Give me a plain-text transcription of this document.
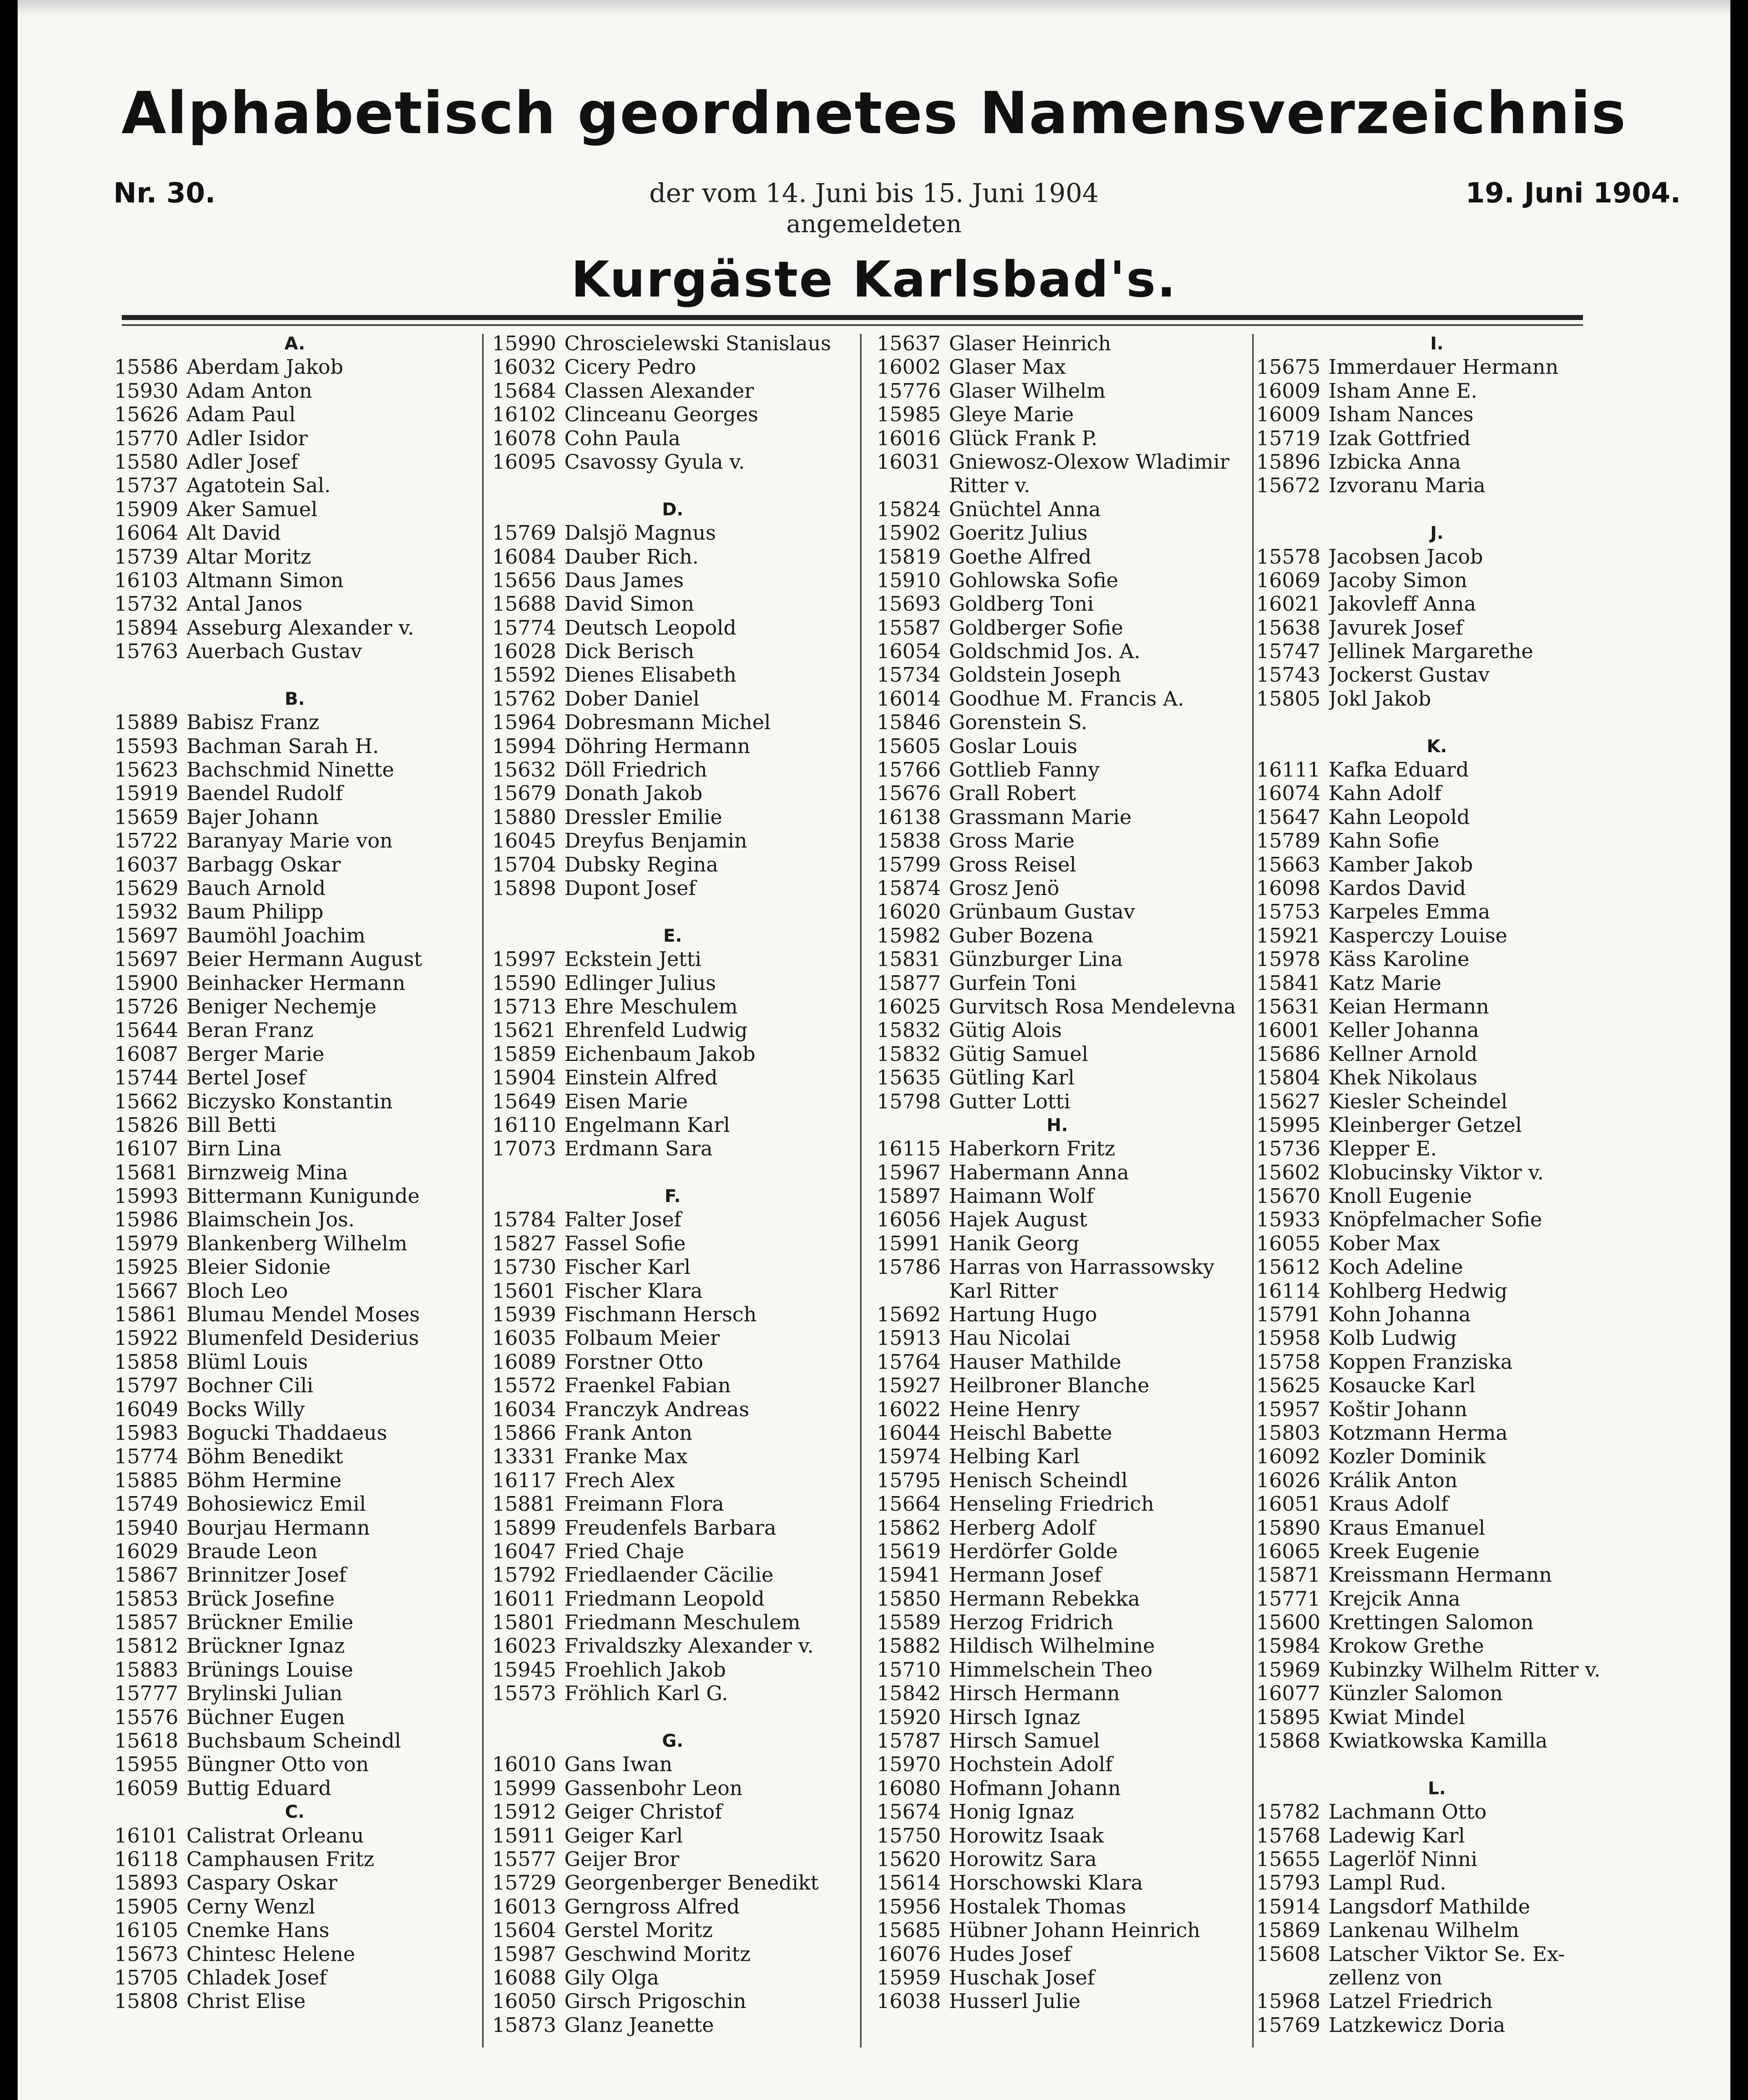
Alphabetisch geordnetes Namensverzeichnis
Nr. 30.	der vom 14. Juni bis 15. Juni 1904
angemeldeten
19. Juni 1904.
Kurgäste Karlsbad's.
A.
15586 Aberdam Jakob
15930 Adam Anton
15626 Adam Paul
15770 Adler Isidor
15580 Adler Josef
15737 Agatotein Sal.
15909 Aker Samuel
16064 Alt David
15739 Altar Moritz
16103 Altmann Simon
15732 Antal Janos
15894 Asseburg Alexander v.
15763 Auerbach Gustav
B.
15889 Babisz Franz
15593 Bachman Sarah H.
15623 Bachschmid Ninette
15919 Baendel Rudolf
15659 Bajer Johann
15722 Baranyay Marie von
16037 Barbagg Oskar
15629 Bauch Arnold
15932 Baum Philipp
15697 Baumöhl Joachim
15697 Beier Hermann August
15900 Beinhacker Hermann
15726 Beniger Nechemje
15644 Beran Franz
16087 Berger Marie
15744 Bertel Josef
15662 Biczysko Konstantin
15826 Bill Betti
16107 Birn Lina
15681 Birnzweig Mina
15993 Bittermann Kunigunde
15986 Blaimschein Jos.
15979 Blankenberg Wilhelm
15925 Bleier Sidonie
15667 Bloch Leo
15861 Blumau Mendel Moses
15922 Blumenfeld Desiderius
15858 Blüml Louis
15797 Bochner Cili
16049 Bocks Willy
15983 Bogucki Thaddaeus
15774 Böhm Benedikt
15885 Böhm Hermine
15749 Bohosiewicz Emil
15940 Bourjau Hermann
16029 Braude Leon
15867 Brinnitzer Josef
15853 Brück Josefine
15857 Brückner Emilie
15812 Brückner Ignaz
15883 Brünings Louise
15777 Brylinski Julian
15576 Büchner Eugen
15618 Buchsbaum Scheindl
15955 Büngner Otto von
16059 Buttig Eduard
C.
16101 Calistrat Orleanu
16118 Camphausen Fritz
15893 Caspary Oskar
15905 Cerny Wenzl
16105 Cnemke Hans
15673 Chintesc Helene
15705 Chladek Josef
15808 Christ Elise
15990 Chroscielewski Stanislaus
16032 Cicery Pedro
15684 Classen Alexander
16102 Clinceanu Georges
16078 Cohn Paula
16095 Csavossy Gyula v.
D.
15769 Dalsjö Magnus
16084 Dauber Rich.
15656 Daus James
15688 David Simon
15774 Deutsch Leopold
16028 Dick Berisch
15592 Dienes Elisabeth
15762 Dober Daniel
15964 Dobresmann Michel
15994 Döhring Hermann
15632 Döll Friedrich
15679 Donath Jakob
15880 Dressler Emilie
16045 Dreyfus Benjamin
15704 Dubsky Regina
15898 Dupont Josef
E.
15997 Eckstein Jetti
15590 Edlinger Julius
15713 Ehre Meschulem
15621 Ehrenfeld Ludwig
15859 Eichenbaum Jakob
15904 Einstein Alfred
15649 Eisen Marie
16110 Engelmann Karl
17073 Erdmann Sara
F.
15784 Falter Josef
15827 Fassel Sofie
15730 Fischer Karl
15601 Fischer Klara
15939 Fischmann Hersch
16035 Folbaum Meier
16089 Forstner Otto
15572 Fraenkel Fabian
16034 Franczyk Andreas
15866 Frank Anton
13331 Franke Max
16117 Frech Alex
15881 Freimann Flora
15899 Freudenfels Barbara
16047 Fried Chaje
15792 Friedlaender Cäcilie
16011 Friedmann Leopold
15801 Friedmann Meschulem
16023 Frivaldszky Alexander v.
15945 Froehlich Jakob
15573 Fröhlich Karl G.
G.
16010 Gans Iwan
15999 Gassenbohr Leon
15912 Geiger Christof
15911 Geiger Karl
15577 Geijer Bror
15729 Georgenberger Benedikt
16013 Gerngross Alfred
15604 Gerstel Moritz
15987 Geschwind Moritz
16088 Gily Olga
16050 Girsch Prigoschin
15873 Glanz Jeanette
15637 Glaser Heinrich
16002 Glaser Max
15776 Glaser Wilhelm
15985 Gleye Marie
16016 Glück Frank P.
16031 Gniewosz-Olexow Wladimir
Ritter v.
15824 Gnüchtel Anna
15902 Goeritz Julius
15819 Goethe Alfred
15910 Gohlowska Sofie
15693 Goldberg Toni
15587 Goldberger Sofie
16054 Goldschmid Jos. A.
15734 Goldstein Joseph
16014 Goodhue M. Francis A.
15846 Gorenstein S.
15605 Goslar Louis
15766 Gottlieb Fanny
15676 Grall Robert
16138 Grassmann Marie
15838 Gross Marie
15799 Gross Reisel
15874 Grosz Jenö
16020 Grünbaum Gustav
15982 Guber Bozena
15831 Günzburger Lina
15877 Gurfein Toni
16025 Gurvitsch Rosa Mendelevna
15832 Gütig Alois
15832 Gütig Samuel
15635 Gütling Karl
15798 Gutter Lotti
H.
16115 Haberkorn Fritz
15967 Habermann Anna
15897 Haimann Wolf
16056 Hajek August
15991 Hanik Georg
15786 Harras von Harrassowsky
Karl Ritter
15692 Hartung Hugo
15913 Hau Nicolai
15764 Hauser Mathilde
15927 Heilbroner Blanche
16022 Heine Henry
16044 Heischl Babette
15974 Helbing Karl
15795 Henisch Scheindl
15664 Henseling Friedrich
15862 Herberg Adolf
15619 Herdörfer Golde
15941 Hermann Josef
15850 Hermann Rebekka
15589 Herzog Fridrich
15882 Hildisch Wilhelmine
15710 Himmelschein Theo
15842 Hirsch Hermann
15920 Hirsch Ignaz
15787 Hirsch Samuel
15970 Hochstein Adolf
16080 Hofmann Johann
15674 Honig Ignaz
15750 Horowitz Isaak
15620 Horowitz Sara
15614 Horschowski Klara
15956 Hostalek Thomas
15685 Hübner Johann Heinrich
16076 Hudes Josef
15959 Huschak Josef
16038 Husserl Julie
I.
15675 Immerdauer Hermann
16009 Isham Anne E.
16009 Isham Nances
15719 Izak Gottfried
15896 Izbicka Anna
15672 Izvoranu Maria
J.
15578 Jacobsen Jacob
16069 Jacoby Simon
16021 Jakovleff Anna
15638 Javurek Josef
15747 Jellinek Margarethe
15743 Jockerst Gustav
15805 Jokl Jakob
K.
16111 Kafka Eduard
16074 Kahn Adolf
15647 Kahn Leopold
15789 Kahn Sofie
15663 Kamber Jakob
16098 Kardos David
15753 Karpeles Emma
15921 Kasperczy Louise
15978 Käss Karoline
15841 Katz Marie
15631 Keian Hermann
16001 Keller Johanna
15686 Kellner Arnold
15804 Khek Nikolaus
15627 Kiesler Scheindel
15995 Kleinberger Getzel
15736 Klepper E.
15602 Klobucinsky Viktor v.
15670 Knoll Eugenie
15933 Knöpfelmacher Sofie
16055 Kober Max
15612 Koch Adeline
16114 Kohlberg Hedwig
15791 Kohn Johanna
15958 Kolb Ludwig
15758 Koppen Franziska
15625 Kosaucke Karl
15957 Koštir Johann
15803 Kotzmann Herma
16092 Kozler Dominik
16026 Králik Anton
16051 Kraus Adolf
15890 Kraus Emanuel
16065 Kreek Eugenie
15871 Kreissmann Hermann
15771 Krejcik Anna
15600 Krettingen Salomon
15984 Krokow Grethe
15969 Kubinzky Wilhelm Ritter v.
16077 Künzler Salomon
15895 Kwiat Mindel
15868 Kwiatkowska Kamilla
L.
15782 Lachmann Otto
15768 Ladewig Karl
15655 Lagerlöf Ninni
15793 Lampl Rud.
15914 Langsdorf Mathilde
15869 Lankenau Wilhelm
15608 Latscher Viktor Se. Ex-
zellenz von
15968 Latzel Friedrich
15769 Latzkewicz Doria
